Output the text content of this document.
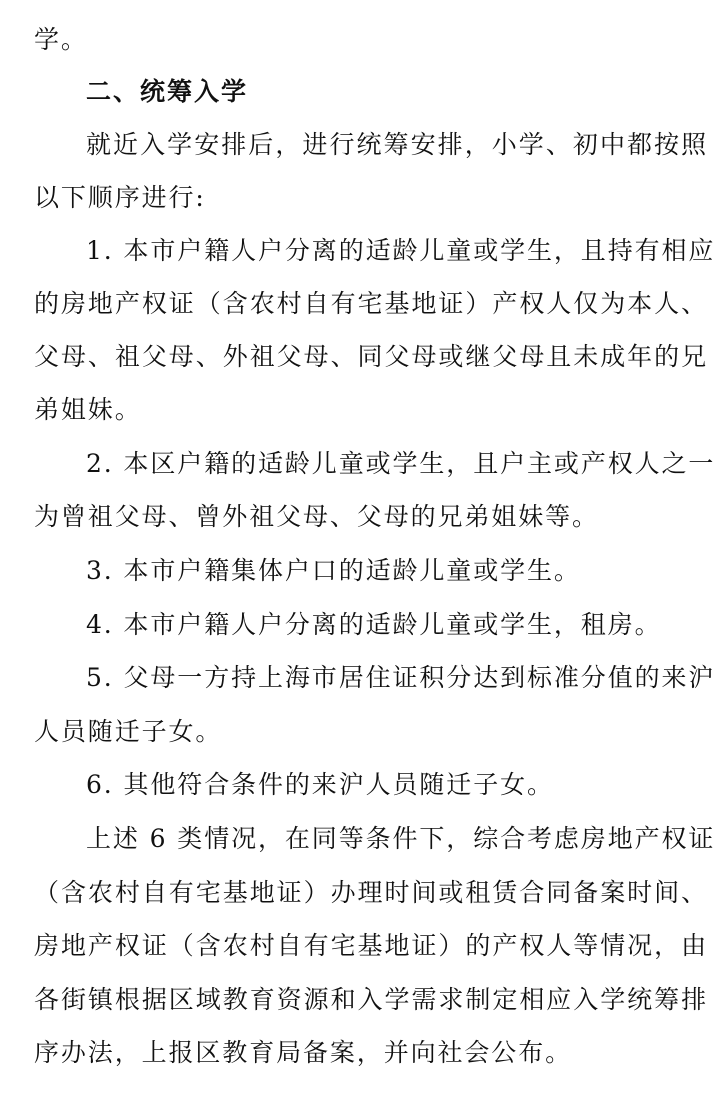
学。
二、统筹入学
就近入学安排后，进行统筹安排，小学、初中都按照
以下顺序进行:
1. 本市户籍人户分离的适龄儿童或学生，且持有相应
的房地产权证（含农村自有宅基地证）产权人仅为本人、
父母、祖父母、外祖父母、同父母或继父母且未成年的兄
弟姐妹。
2. 本区户籍的适龄儿童或学生，且户主或产权人之一
为曾祖父母、曾外祖父母、父母的兄弟姐妹等。
3. 本市户籍集体户口的适龄儿童或学生。
4. 本市户籍人户分离的适龄儿童或学生，租房。
5. 父母一方持上海市居住证积分达到标准分值的来沪
人员随迁子女。
6. 其他符合条件的来沪人员随迁子女。
上述 6 类情况，在同等条件下，综合考虑房地产权证
（含农村自有宅基地证）办理时间或租赁合同备案时间、
房地产权证（含农村自有宅基地证）的产权人等情况，由
各街镇根据区域教育资源和入学需求制定相应入学统筹排
序办法，上报区教育局备案，并向社会公布。
